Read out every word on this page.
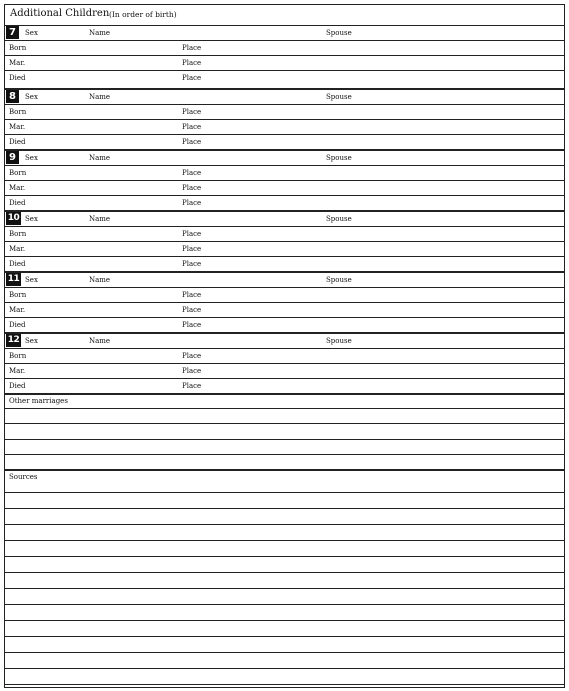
Additional Children (In order of birth)
7	Sex	Name	Spouse
Born	Place
Mar.	Place
Died	Place
8	Sex	Name	Spouse
Born	Place
Mar.	Place
Died	Place
9	Sex	Name	Spouse
Born	Place
Mar.	Place
Died	Place
10 Sex	Name	Spouse
Born	Place
Mar.	Place
Died	Place
11 Sex	Name	Spouse
Born	Place
Mar.	Place
Died	Place
12 Sex	Name	Spouse
Born	Place
Mar.	Place
Died	Place
Other marriages
Sources
